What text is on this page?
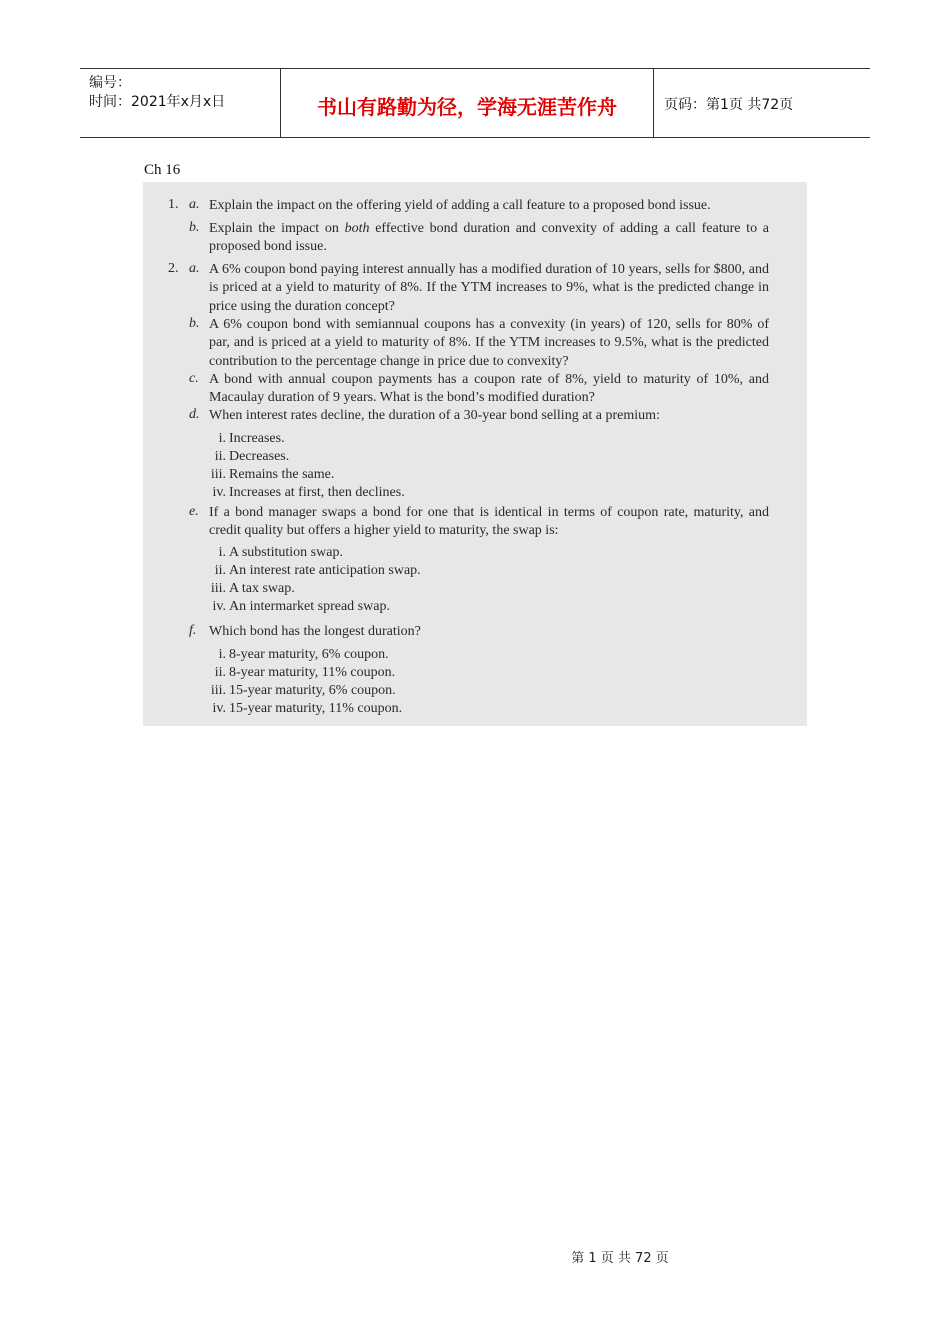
编号：
时间：2021年x月x日	书山有路勤为径，学海无涯苦作舟	页码：第1页 共72页
Ch 16
1. a. Explain the impact on the offering yield of adding a call feature to a proposed bond issue.
b. Explain the impact on both effective bond duration and convexity of adding a call feature to a proposed bond issue.
2. a. A 6% coupon bond paying interest annually has a modified duration of 10 years, sells for $800, and is priced at a yield to maturity of 8%. If the YTM increases to 9%, what is the predicted change in price using the duration concept?
b. A 6% coupon bond with semiannual coupons has a convexity (in years) of 120, sells for 80% of par, and is priced at a yield to maturity of 8%. If the YTM increases to 9.5%, what is the predicted contribution to the percentage change in price due to convexity?
c. A bond with annual coupon payments has a coupon rate of 8%, yield to maturity of 10%, and Macaulay duration of 9 years. What is the bond’s modified duration?
d. When interest rates decline, the duration of a 30-year bond selling at a premium:
i. Increases.
ii. Decreases.
iii. Remains the same.
iv. Increases at first, then declines.
e. If a bond manager swaps a bond for one that is identical in terms of coupon rate, maturity, and credit quality but offers a higher yield to maturity, the swap is:
i. A substitution swap.
ii. An interest rate anticipation swap.
iii. A tax swap.
iv. An intermarket spread swap.
f. Which bond has the longest duration?
i. 8-year maturity, 6% coupon.
ii. 8-year maturity, 11% coupon.
iii. 15-year maturity, 6% coupon.
iv. 15-year maturity, 11% coupon.
第 1 页 共 72 页
